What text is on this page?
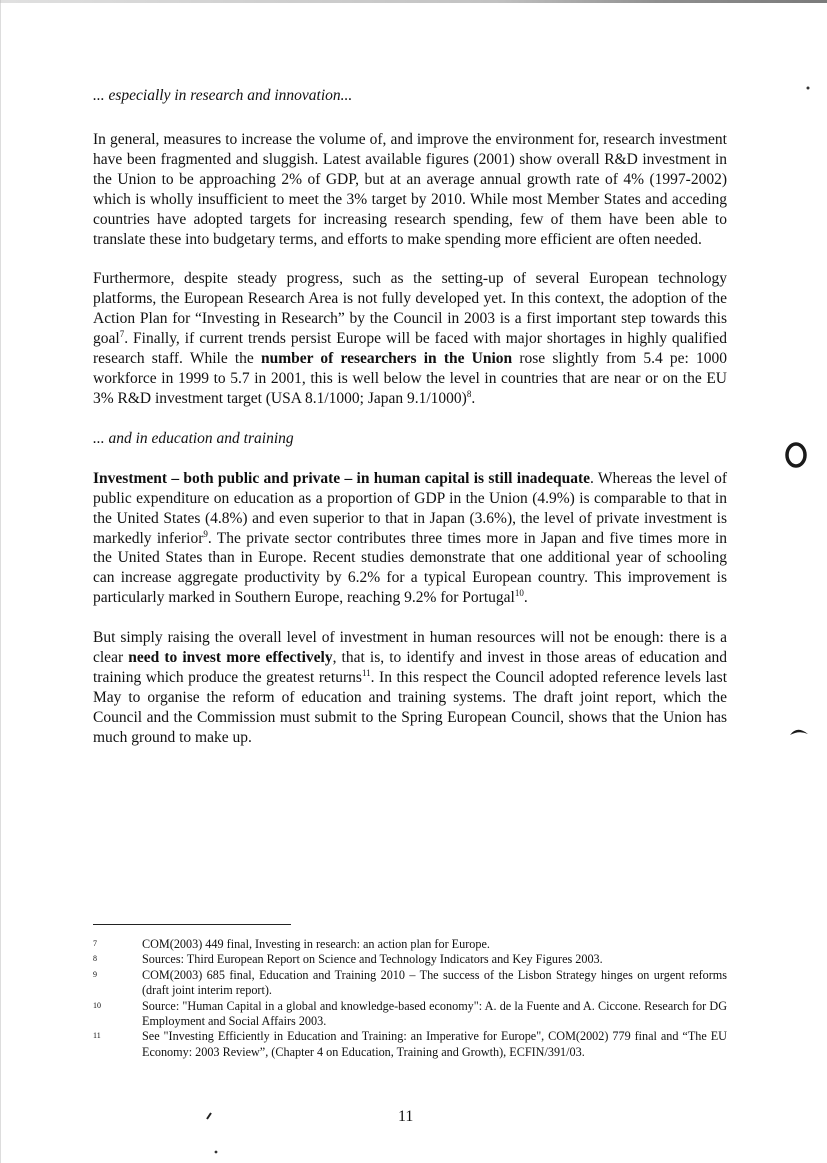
... especially in research and innovation...

In general, measures to increase the volume of, and improve the environment for, research investment have been fragmented and sluggish. Latest available figures (2001) show overall R&D investment in the Union to be approaching 2% of GDP, but at an average annual growth rate of 4% (1997-2002) which is wholly insufficient to meet the 3% target by 2010. While most Member States and acceding countries have adopted targets for increasing research spending, few of them have been able to translate these into budgetary terms, and efforts to make spending more efficient are often needed.

Furthermore, despite steady progress, such as the setting-up of several European technology platforms, the European Research Area is not fully developed yet. In this context, the adoption of the Action Plan for “Investing in Research” by the Council in 2003 is a first important step towards this goal$^7$. Finally, if current trends persist Europe will be faced with major shortages in highly qualified research staff. While the number of researchers in the Union rose slightly from 5.4 pe: 1000 workforce in 1999 to 5.7 in 2001, this is well below the level in countries that are near or on the EU 3% R&D investment target (USA 8.1/1000; Japan 9.1/1000)$^8$.

... and in education and training

Investment – both public and private – in human capital is still inadequate. Whereas the level of public expenditure on education as a proportion of GDP in the Union (4.9%) is comparable to that in the United States (4.8%) and even superior to that in Japan (3.6%), the level of private investment is markedly inferior$^9$. The private sector contributes three times more in Japan and five times more in the United States than in Europe. Recent studies demonstrate that one additional year of schooling can increase aggregate productivity by 6.2% for a typical European country. This improvement is particularly marked in Southern Europe, reaching 9.2% for Portugal$^{10}$.

But simply raising the overall level of investment in human resources will not be enough: there is a clear need to invest more effectively, that is, to identify and invest in those areas of education and training which produce the greatest returns$^{11}$. In this respect the Council adopted reference levels last May to organise the reform of education and training systems. The draft joint report, which the Council and the Commission must submit to the Spring European Council, shows that the Union has much ground to make up.

7	COM(2003) 449 final, Investing in research: an action plan for Europe.
8	Sources: Third European Report on Science and Technology Indicators and Key Figures 2003.
9	COM(2003) 685 final, Education and Training 2010 – The success of the Lisbon Strategy hinges on urgent reforms (draft joint interim report).
10	Source: "Human Capital in a global and knowledge-based economy": A. de la Fuente and A. Ciccone. Research for DG Employment and Social Affairs 2003.
11	See "Investing Efficiently in Education and Training: an Imperative for Europe", COM(2002) 779 final and “The EU Economy: 2003 Review”, (Chapter 4 on Education, Training and Growth), ECFIN/391/03.
11
